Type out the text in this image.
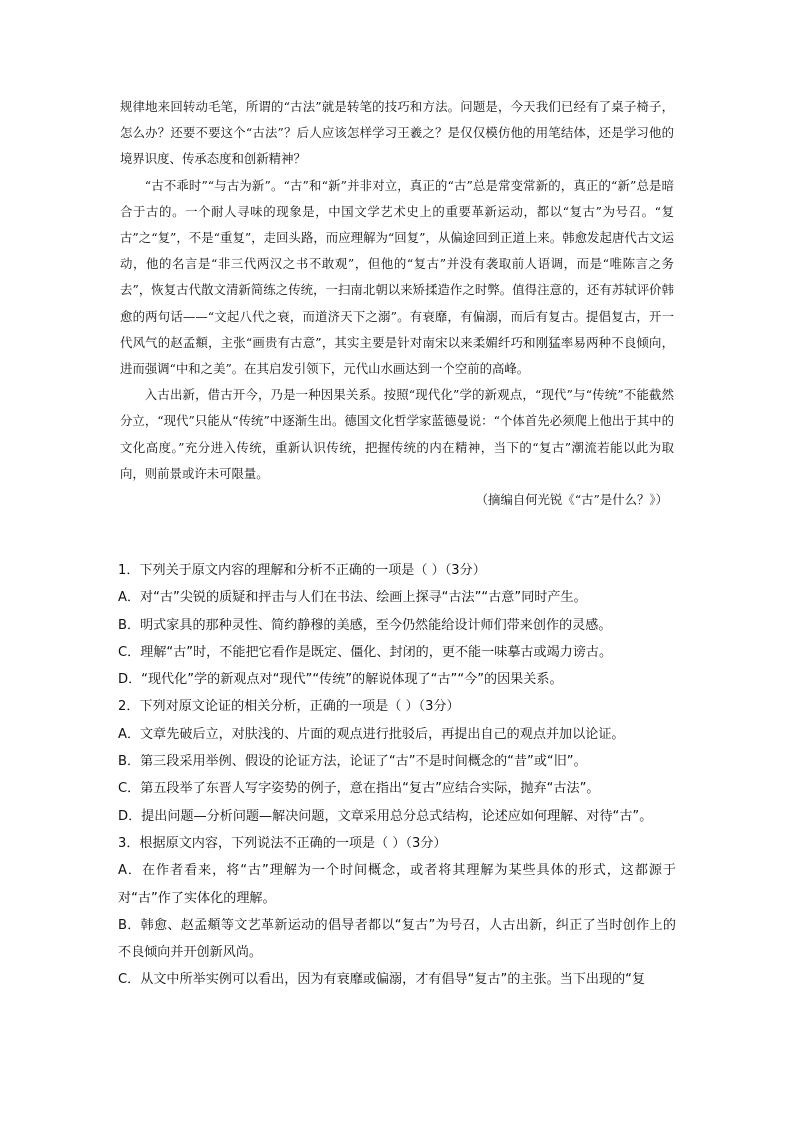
规律地来回转动毛笔，所谓的“古法”就是转笔的技巧和方法。问题是，今天我们已经有了桌子椅子，怎么办？还要不要这个“古法”？后人应该怎样学习王羲之？是仅仅模仿他的用笔结体，还是学习他的境界识度、传承态度和创新精神？

“古不乖时”“与古为新”。“古”和“新”并非对立，真正的“古”总是常变常新的，真正的“新”总是暗合于古的。一个耐人寻味的现象是，中国文学艺术史上的重要革新运动，都以“复古”为号召。“复古”之“复”，不是“重复”，走回头路，而应理解为“回复”，从偏途回到正道上来。韩愈发起唐代古文运动，他的名言是“非三代两汉之书不敢观”，但他的“复古”并没有袭取前人语调，而是“唯陈言之务去”，恢复古代散文清新简练之传统，一扫南北朝以来矫揉造作之时弊。值得注意的，还有苏轼评价韩愈的两句话——“文起八代之衰，而道济天下之溺”。有衰靡，有偏溺，而后有复古。提倡复古，开一代风气的赵孟頫，主张“画贵有古意”，其实主要是针对南宋以来柔媚纤巧和刚猛率易两种不良倾向，进而强调“中和之美”。在其启发引领下，元代山水画达到一个空前的高峰。

入古出新，借古开今，乃是一种因果关系。按照“现代化”学的新观点，“现代”与“传统”不能截然分立，“现代”只能从“传统”中逐渐生出。德国文化哲学家蓝德曼说：“个体首先必须爬上他出于其中的文化高度。”充分进入传统，重新认识传统，把握传统的内在精神，当下的“复古”潮流若能以此为取向，则前景或许未可限量。

（摘编自何光锐《“古”是什么？》）

1．下列关于原文内容的理解和分析不正确的一项是（ ）（3分）
A．对“古”尖锐的质疑和抨击与人们在书法、绘画上探寻“古法”“古意”同时产生。
B．明式家具的那种灵性、简约静穆的美感，至今仍然能给设计师们带来创作的灵感。
C．理解“古”时，不能把它看作是既定、僵化、封闭的，更不能一味摹古或竭力谤古。
D．“现代化”学的新观点对“现代”“传统”的解说体现了“古”“今”的因果关系。
2．下列对原文论证的相关分析，正确的一项是（ ）（3分）
A．文章先破后立，对肤浅的、片面的观点进行批驳后，再提出自己的观点并加以论证。
B．第三段采用举例、假设的论证方法，论证了“古”不是时间概念的“昔”或“旧”。
C．第五段举了东晋人写字姿势的例子，意在指出“复古”应结合实际，抛弃“古法”。
D．提出问题—分析问题—解决问题，文章采用总分总式结构，论述应如何理解、对待“古”。
3．根据原文内容，下列说法不正确的一项是（ ）（3分）
A．在作者看来，将“古”理解为一个时间概念，或者将其理解为某些具体的形式，这都源于对“古”作了实体化的理解。
B．韩愈、赵孟頫等文艺革新运动的倡导者都以“复古”为号召，人古出新，纠正了当时创作上的不良倾向并开创新风尚。
C．从文中所举实例可以看出，因为有衰靡或偏溺，才有倡导“复古”的主张。当下出现的“复
